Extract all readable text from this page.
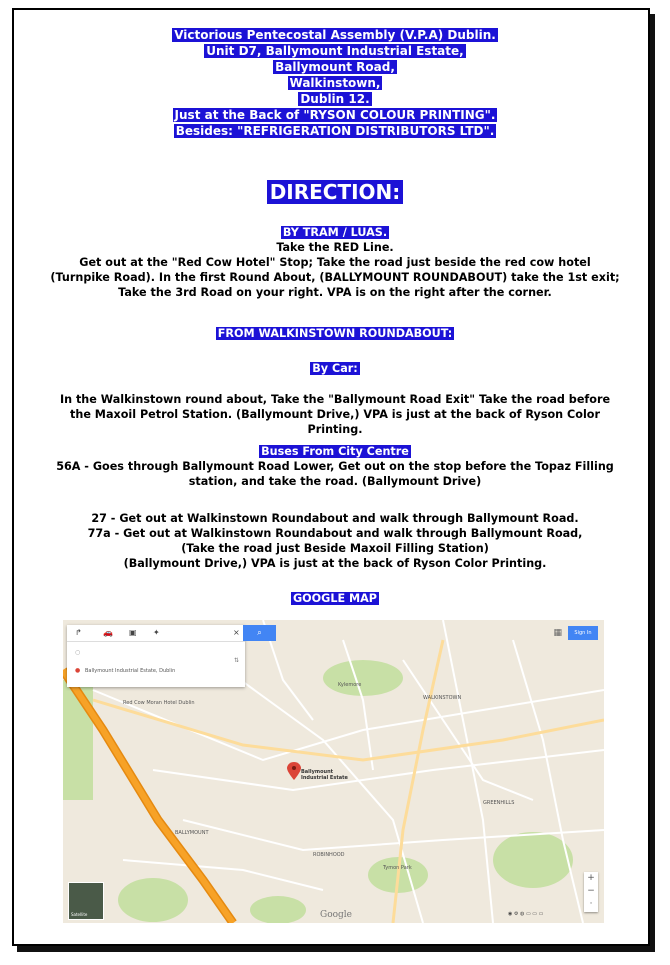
Victorious Pentecostal Assembly (V.P.A) Dublin.
Unit D7, Ballymount Industrial Estate,
Ballymount Road,
Walkinstown,
Dublin 12.
Just at the Back of "RYSON COLOUR PRINTING".
Besides: "REFRIGERATION DISTRIBUTORS LTD".
DIRECTION:
BY TRAM / LUAS.
Take the RED Line.
Get out at the "Red Cow Hotel" Stop; Take the road just beside the red cow hotel (Turnpike Road). In the first Round About, (BALLYMOUNT ROUNDABOUT) take the 1st exit; Take the 3rd Road on your right. VPA is on the right after the corner.
FROM WALKINSTOWN ROUNDABOUT:
By Car:
In the Walkinstown round about, Take the "Ballymount Road Exit" Take the road before the Maxoil Petrol Station. (Ballymount Drive,) VPA is just at the back of Ryson Color Printing.
Buses From City Centre
56A - Goes through Ballymount Road Lower, Get out on the stop before the Topaz Filling station, and take the road. (Ballymount Drive)
27 - Get out at Walkinstown Roundabout and walk through Ballymount Road.
77a - Get out at Walkinstown Roundabout and walk through Ballymount Road,
(Take the road just Beside Maxoil Filling Station)
(Ballymount Drive,) VPA is just at the back of Ryson Color Printing.
GOOGLE MAP
Red Cow Moran Hotel Dublin
BALLYMOUNT
WALKINSTOWN
ROBINHOOD
Kylemore
GREENHILLS
Tymon Park
Ballymount
Industrial Estate
↱	🚗 ▣ ✦	×
○
● Ballymount Industrial Estate, Dublin
⇅
⌕	▦	Sign In
+
−
·
Satellite	Google	◉ ⚙ ◍ ▭ ▭ ▭
